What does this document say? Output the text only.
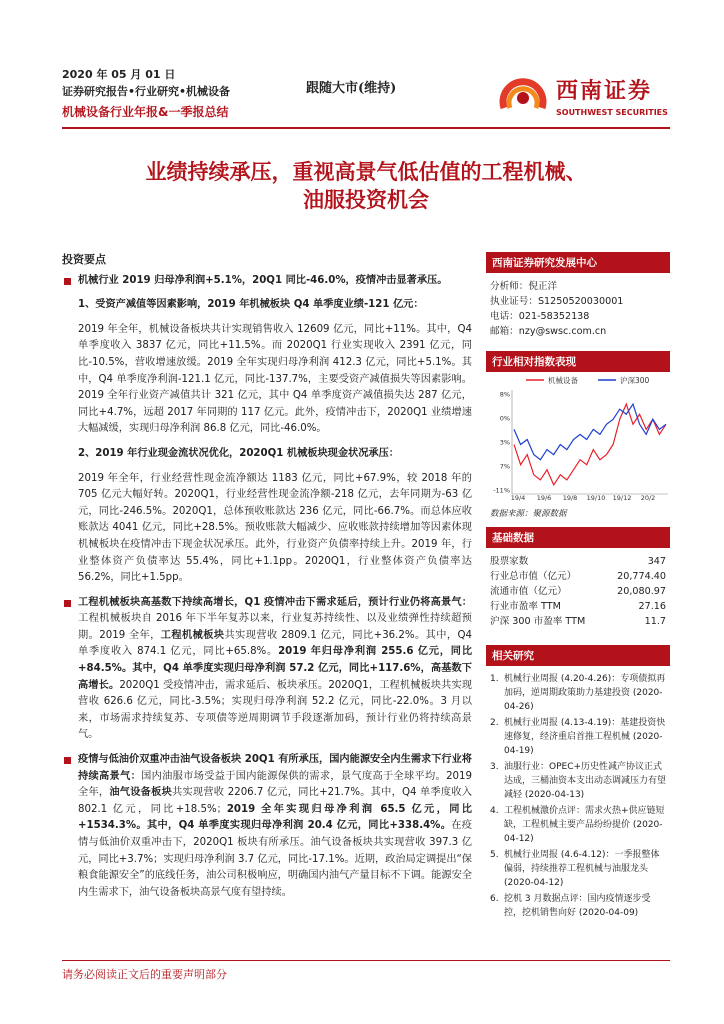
2020 年 05 月 01 日
证券研究报告•行业研究•机械设备
机械设备行业年报&一季报总结
跟随大市(维持)	西南证券
SOUTHWEST SECURITIES
业绩持续承压，重视高景气低估值的工程机械、
油服投资机会
投资要点
机械行业 2019 归母净利润+5.1%，20Q1 同比-46.0%，疫情冲击显著承压。
1、受资产减值等因素影响，2019 年机械板块 Q4 单季度业绩-121 亿元：

2019 年全年，机械设备板块共计实现销售收入 12609 亿元，同比+11%。其中，Q4 单季度收入 3837 亿元，同比+11.5%。而 2020Q1 行业实现收入 2391 亿元，同比-10.5%，营收增速放缓。2019 全年实现归母净利润 412.3 亿元，同比+5.1%。其中，Q4 单季度净利润-121.1 亿元，同比-137.7%，主要受资产减值损失等因素影响。2019 全年行业资产减值共计 321 亿元，其中 Q4 单季度资产减值损失达 287 亿元，同比+4.7%，远超 2017 年同期的 117 亿元。此外，疫情冲击下，2020Q1 业绩增速大幅减缓，实现归母净利润 86.8 亿元，同比-46.0%。

2、2019 年行业现金流状况优化，2020Q1 机械板块现金状况承压：

2019 年全年，行业经营性现金流净额达 1183 亿元，同比+67.9%，较 2018 年的 705 亿元大幅好转。2020Q1，行业经营性现金流净额-218 亿元，去年同期为-63 亿元，同比-246.5%。2020Q1，总体预收账款达 236 亿元，同比-66.7%。而总体应收账款达 4041 亿元，同比+28.5%。预收账款大幅减少、应收账款持续增加等因素体现机械板块在疫情冲击下现金状况承压。此外，行业资产负债率持续上升。2019 年，行业整体资产负债率达 55.4%，同比+1.1pp。2020Q1，行业整体资产负债率达 56.2%，同比+1.5pp。

工程机械板块高基数下持续高增长，Q1 疫情冲击下需求延后，预计行业仍将高景气：工程机械板块自 2016 年下半年复苏以来，行业复苏持续性、以及业绩弹性持续超预期。2019 全年，工程机械板块共实现营收 2809.1 亿元，同比+36.2%。其中，Q4 单季度收入 874.1 亿元，同比+65.8%。2019 年归母净利润 255.6 亿元，同比+84.5%。其中，Q4 单季度实现归母净利润 57.2 亿元，同比+117.6%，高基数下高增长。2020Q1 受疫情冲击，需求延后、板块承压。2020Q1，工程机械板块共实现营收 626.6 亿元，同比-3.5%；实现归母净利润 52.2 亿元，同比-22.0%。3 月以来，市场需求持续复苏、专项债等逆周期调节手段逐渐加码，预计行业仍将持续高景气。

疫情与低油价双重冲击油气设备板块 20Q1 有所承压，国内能源安全内生需求下行业将持续高景气：国内油服市场受益于国内能源保供的需求，景气度高于全球平均。2019 全年，油气设备板块共实现营收 2206.7 亿元，同比+21.7%。其中，Q4 单季度收入 802.1 亿元，同比+18.5%；2019 全年实现归母净利润 65.5 亿元，同比+1534.3%。其中，Q4 单季度实现归母净利润 20.4 亿元，同比+338.4%。在疫情与低油价双重冲击下，2020Q1 板块有所承压。油气设备板块共实现营收 397.3 亿元，同比+3.7%；实现归母净利润 3.7 亿元，同比-17.1%。近期，政治局定调提出“保粮食能源安全”的底线任务，油公司积极响应，明确国内油气产量目标不下调。能源安全内生需求下，油气设备板块高景气度有望持续。

西南证券研究发展中心
分析师：倪正洋
执业证号：S1250520030001
电话：021-58352138
邮箱：nzy@swsc.com.cn
行业相对指数表现
机械设备	沪深300
8%
0%
3%
7%
-11%
19/4 19/6 19/8 19/10 19/12 20/2
数据来源：聚源数据
基础数据
股票家数	347
行业总市值（亿元）	20,774.40
流通市值（亿元）	20,080.97
行业市盈率 TTM	27.16
沪深 300 市盈率 TTM	11.7
相关研究
1. 机械行业周报 (4.20-4.26)：专项债拟再加码，逆周期政策助力基建投资 (2020-04-26)
2. 机械行业周报 (4.13-4.19)：基建投资快速修复，经济重启首推工程机械 (2020-04-19)
3. 油服行业：OPEC+历史性减产协议正式达成，三桶油资本支出动态调减压力有望减轻 (2020-04-13)
4. 工程机械激价点评：需求火热+供应链短缺，工程机械主要产品纷纷提价 (2020-04-12)
5. 机械行业周报 (4.6-4.12)：一季报整体偏弱，持续推荐工程机械与油服龙头 (2020-04-12)
6. 挖机 3 月数据点评：国内疫情逐步受控，挖机销售向好 (2020-04-09)
请务必阅读正文后的重要声明部分
